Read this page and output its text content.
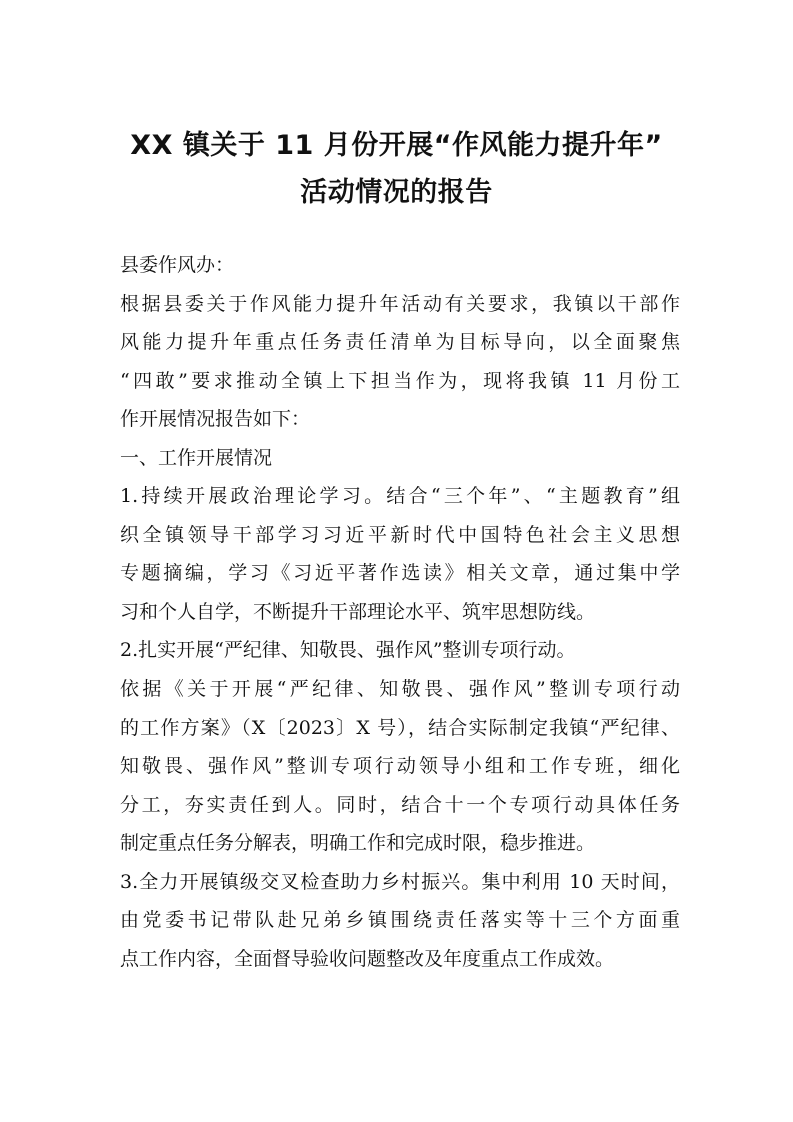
XX 镇关于 11 月份开展“作风能力提升年”
活动情况的报告
县委作风办：
根据县委关于作风能力提升年活动有关要求，我镇以干部作
风能力提升年重点任务责任清单为目标导向，以全面聚焦
“四敢”要求推动全镇上下担当作为，现将我镇 11 月份工
作开展情况报告如下：
一、工作开展情况
1.持续开展政治理论学习。结合“三个年”、“主题教育”组
织全镇领导干部学习习近平新时代中国特色社会主义思想
专题摘编，学习《习近平著作选读》相关文章，通过集中学
习和个人自学，不断提升干部理论水平、筑牢思想防线。
2.扎实开展“严纪律、知敬畏、强作风”整训专项行动。
依据《关于开展“严纪律、知敬畏、强作风”整训专项行动
的工作方案》（X〔2023〕X 号），结合实际制定我镇“严纪律、
知敬畏、强作风”整训专项行动领导小组和工作专班，细化
分工，夯实责任到人。同时，结合十一个专项行动具体任务
制定重点任务分解表，明确工作和完成时限，稳步推进。
3.全力开展镇级交叉检查助力乡村振兴。集中利用 10 天时间，
由党委书记带队赴兄弟乡镇围绕责任落实等十三个方面重
点工作内容，全面督导验收问题整改及年度重点工作成效。
